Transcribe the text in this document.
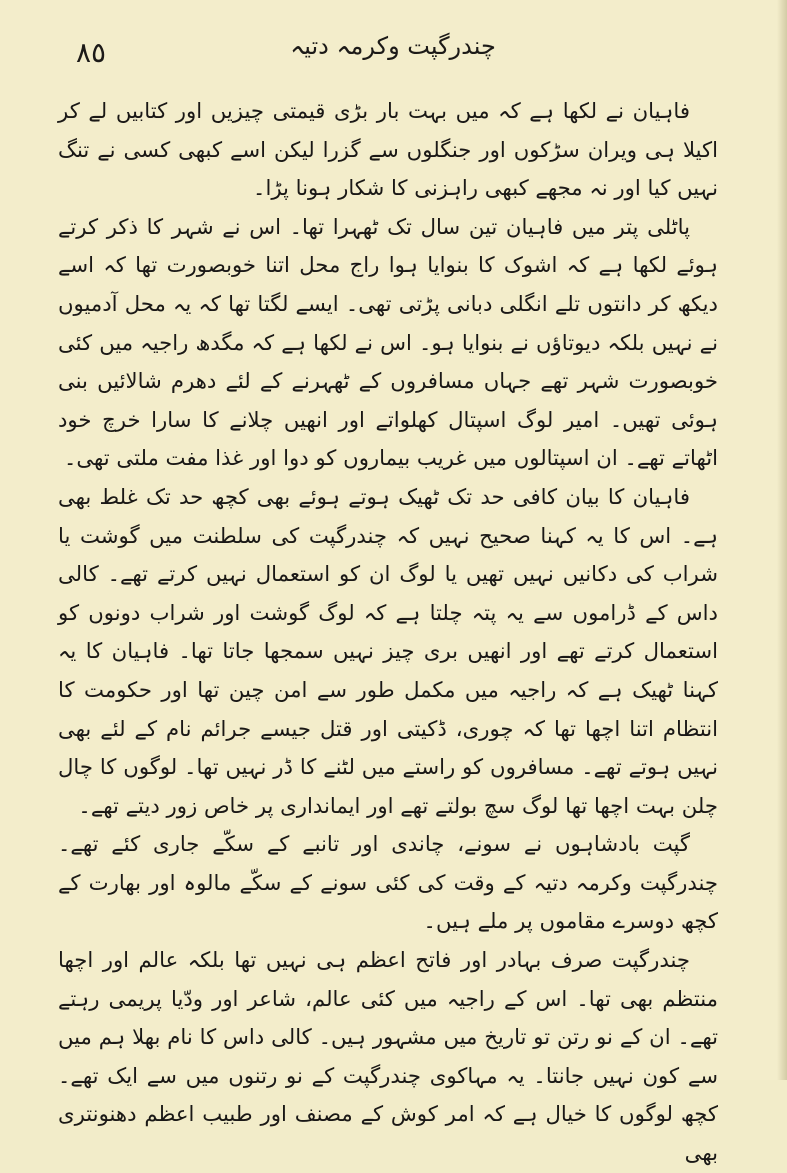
٨٥	چندرگپت وکرمہ دتیہ

فاہیان نے لکھا ہے کہ میں بہت بار بڑی قیمتی چیزیں اور کتابیں لے کر اکیلا ہی ویران سڑکوں اور جنگلوں سے گزرا لیکن اسے کبھی کسی نے تنگ نہیں کیا اور نہ مجھے کبھی راہزنی کا شکار ہونا پڑا۔

پاٹلی پتر میں فاہیان تین سال تک ٹھہرا تھا۔ اس نے شہر کا ذکر کرتے ہوئے لکھا ہے کہ اشوک کا بنوایا ہوا راج محل اتنا خوبصورت تھا کہ اسے دیکھ کر دانتوں تلے انگلی دبانی پڑتی تھی۔ ایسے لگتا تھا کہ یہ محل آدمیوں نے نہیں بلکہ دیوتاؤں نے بنوایا ہو۔ اس نے لکھا ہے کہ مگدھ راجیہ میں کئی خوبصورت شہر تھے جہاں مسافروں کے ٹھہرنے کے لئے دھرم شالائیں بنی ہوئی تھیں۔ امیر لوگ اسپتال کھلواتے اور انھیں چلانے کا سارا خرچ خود اٹھاتے تھے۔ ان اسپتالوں میں غریب بیماروں کو دوا اور غذا مفت ملتی تھی۔

فاہیان کا بیان کافی حد تک ٹھیک ہوتے ہوئے بھی کچھ حد تک غلط بھی ہے۔ اس کا یہ کہنا صحیح نہیں کہ چندرگپت کی سلطنت میں گوشت یا شراب کی دکانیں نہیں تھیں یا لوگ ان کو استعمال نہیں کرتے تھے۔ کالی داس کے ڈراموں سے یہ پتہ چلتا ہے کہ لوگ گوشت اور شراب دونوں کو استعمال کرتے تھے اور انھیں بری چیز نہیں سمجھا جاتا تھا۔ فاہیان کا یہ کہنا ٹھیک ہے کہ راجیہ میں مکمل طور سے امن چین تھا اور حکومت کا انتظام اتنا اچھا تھا کہ چوری، ڈکیتی اور قتل جیسے جرائم نام کے لئے بھی نہیں ہوتے تھے۔ مسافروں کو راستے میں لٹنے کا ڈر نہیں تھا۔ لوگوں کا چال چلن بہت اچھا تھا لوگ سچ بولتے تھے اور ایمانداری پر خاص زور دیتے تھے۔

گپت بادشاہوں نے سونے، چاندی اور تانبے کے سکّے جاری کئے تھے۔ چندرگپت وکرمہ دتیہ کے وقت کی کئی سونے کے سکّے مالوہ اور بھارت کے کچھ دوسرے مقاموں پر ملے ہیں۔

چندرگپت صرف بہادر اور فاتح اعظم ہی نہیں تھا بلکہ عالم اور اچھا منتظم بھی تھا۔ اس کے راجیہ میں کئی عالم، شاعر اور ودّیا پریمی رہتے تھے۔ ان کے نو رتن تو تاریخ میں مشہور ہیں۔ کالی داس کا نام بھلا ہم میں سے کون نہیں جانتا۔ یہ مہاکوی چندرگپت کے نو رتنوں میں سے ایک تھے۔ کچھ لوگوں کا خیال ہے کہ امر کوش کے مصنف اور طبیب اعظم دھنونتری بھی
